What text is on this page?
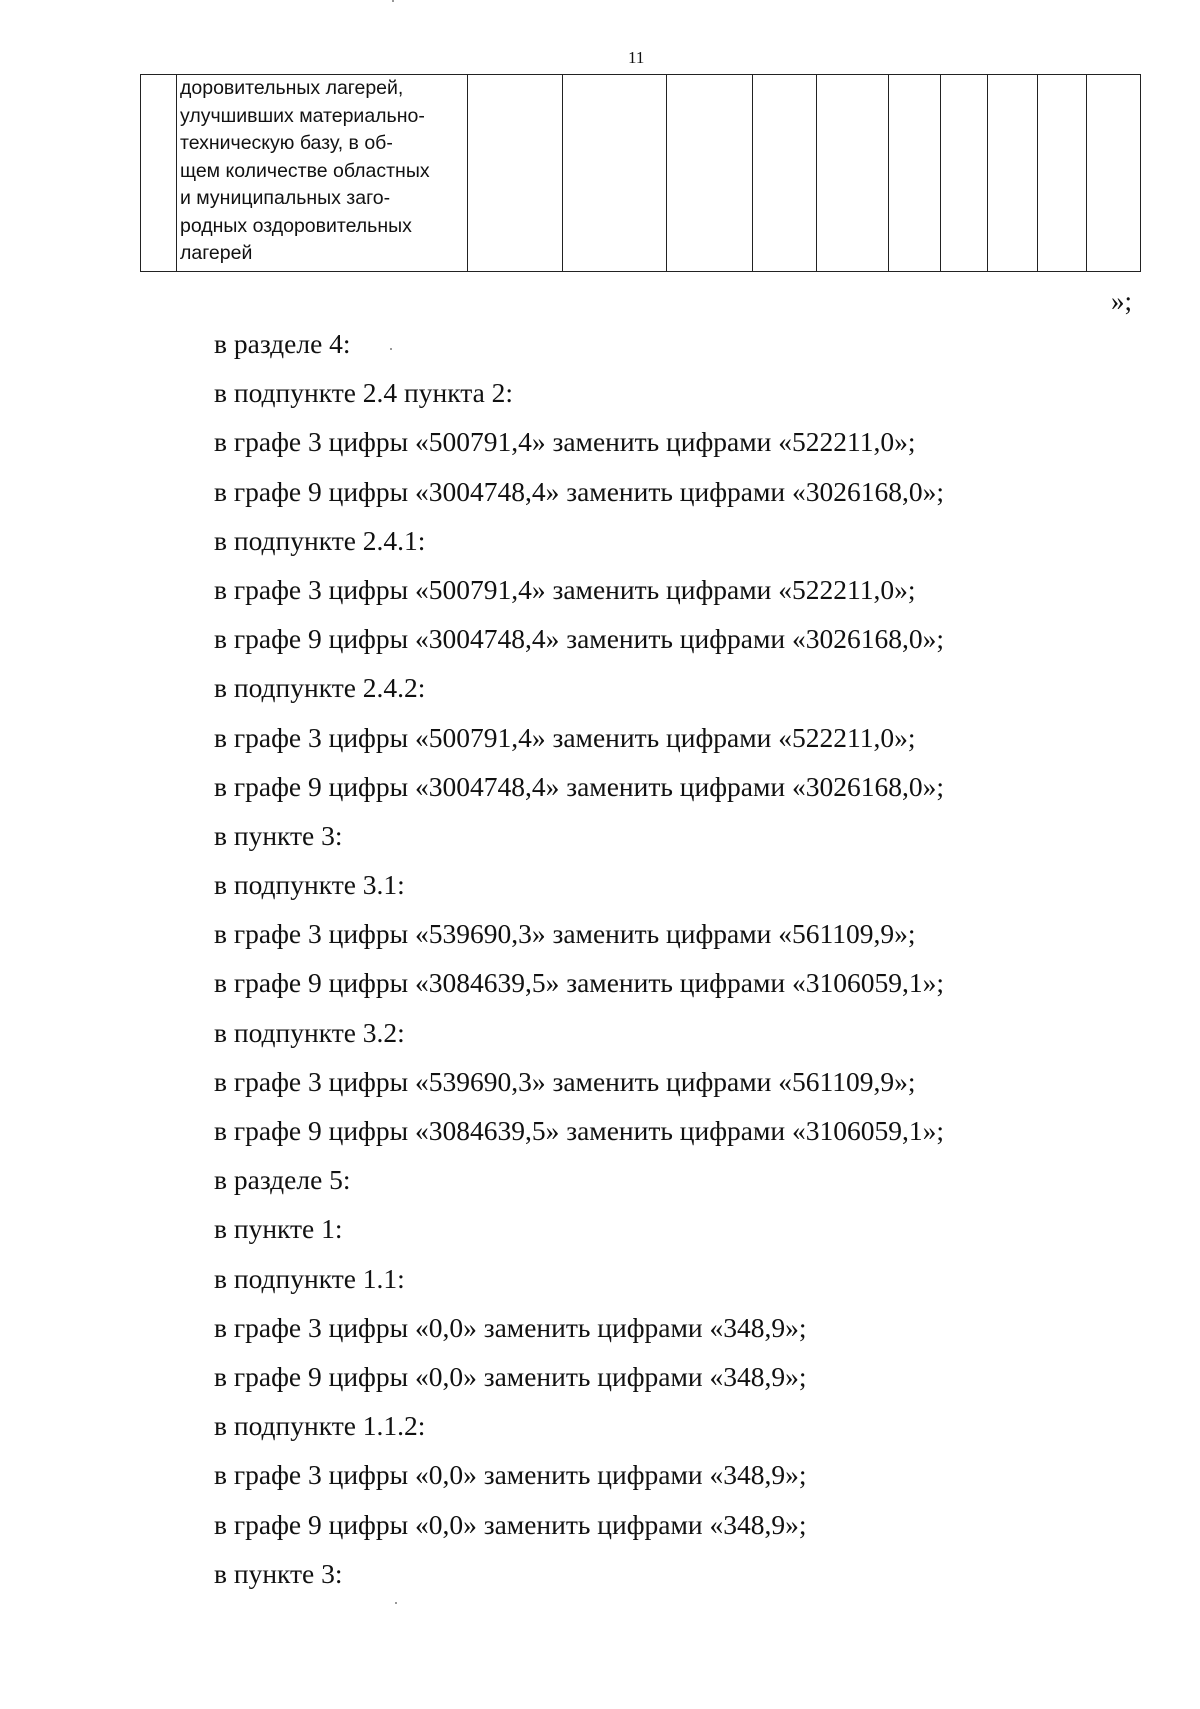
11
	доровительных лагерей,
улучшивших материально-
техническую базу, в об-
щем количестве областных
и муниципальных заго-
родных оздоровительных
лагерей										
»;
в разделе 4:
в подпункте 2.4 пункта 2:
в графе 3 цифры «500791,4» заменить цифрами «522211,0»;
в графе 9 цифры «3004748,4» заменить цифрами «3026168,0»;
в подпункте 2.4.1:
в графе 3 цифры «500791,4» заменить цифрами «522211,0»;
в графе 9 цифры «3004748,4» заменить цифрами «3026168,0»;
в подпункте 2.4.2:
в графе 3 цифры «500791,4» заменить цифрами «522211,0»;
в графе 9 цифры «3004748,4» заменить цифрами «3026168,0»;
в пункте 3:
в подпункте 3.1:
в графе 3 цифры «539690,3» заменить цифрами «561109,9»;
в графе 9 цифры «3084639,5» заменить цифрами «3106059,1»;
в подпункте 3.2:
в графе 3 цифры «539690,3» заменить цифрами «561109,9»;
в графе 9 цифры «3084639,5» заменить цифрами «3106059,1»;
в разделе 5:
в пункте 1:
в подпункте 1.1:
в графе 3 цифры «0,0» заменить цифрами «348,9»;
в графе 9 цифры «0,0» заменить цифрами «348,9»;
в подпункте 1.1.2:
в графе 3 цифры «0,0» заменить цифрами «348,9»;
в графе 9 цифры «0,0» заменить цифрами «348,9»;
в пункте 3:
